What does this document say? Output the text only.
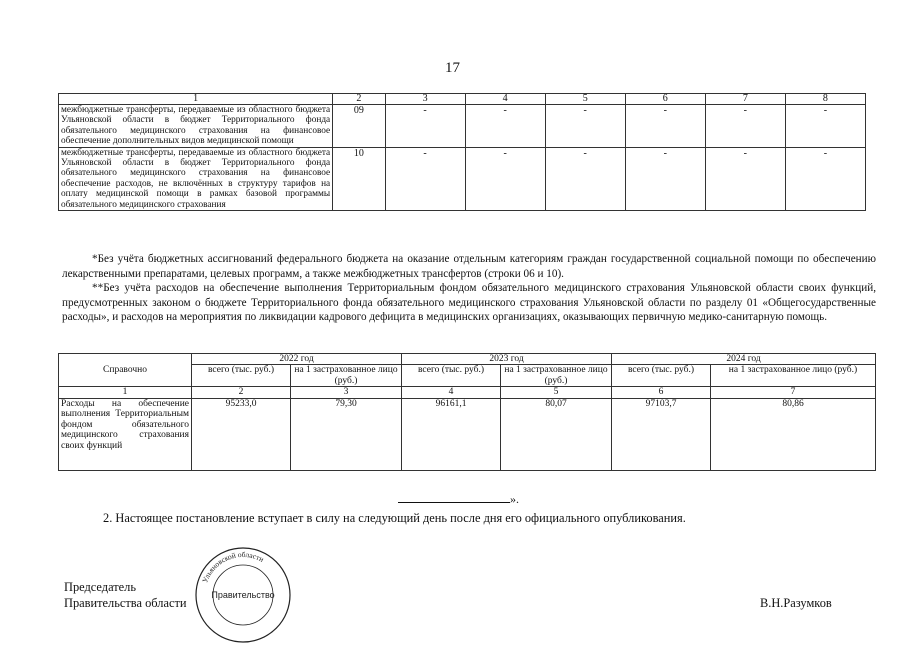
17
1	2	3	4	5	6	7	8
межбюджетные трансферты, передаваемые из областного бюджета Ульяновской области в бюджет Территориального фонда обязательного медицинского страхования на финансовое обеспечение дополнительных видов медицинской помощи	09	-	-	-	-	-	-
межбюджетные трансферты, передаваемые из областного бюджета Ульяновской области в бюджет Территориального фонда обязательного медицинского страхования на финансовое обеспечение расходов, не включённых в структуру тарифов на оплату медицинской помощи в рамках базовой программы обязательного медицинского страхования	10	-	-	-	-	-	-

*Без учёта бюджетных ассигнований федерального бюджета на оказание отдельным категориям граждан государственной социальной помощи по обеспечению лекарственными препаратами, целевых программ, а также межбюджетных трансфертов (строки 06 и 10).

**Без учёта расходов на обеспечение выполнения Территориальным фондом обязательного медицинского страхования Ульяновской области своих функций, предусмотренных законом о бюджете Территориального фонда обязательного медицинского страхования Ульяновской области по разделу 01 «Общегосударственные расходы», и расходов на мероприятия по ликвидации кадрового дефицита в медицинских организациях, оказывающих первичную медико-санитарную помощь.

Справочно	2022 год		2023 год		2024 год	
	всего (тыс. руб.)	на 1 застрахованное лицо (руб.)	всего (тыс. руб.)	на 1 застрахованное лицо (руб.)	всего (тыс. руб.)	на 1 застрахованное лицо (руб.)
1	2	3	4	5	6	7
Расходы на обеспечение выполнения Территориальным фондом обязательного медицинского страхования своих функций	95233,0	79,30	96161,1	80,07	97103,7	80,86
».
2. Настоящее постановление вступает в силу на следующий день после дня его официального опубликования.
Ульяновской области
Правительство
Председатель
Правительства области	В.Н.Разумков
